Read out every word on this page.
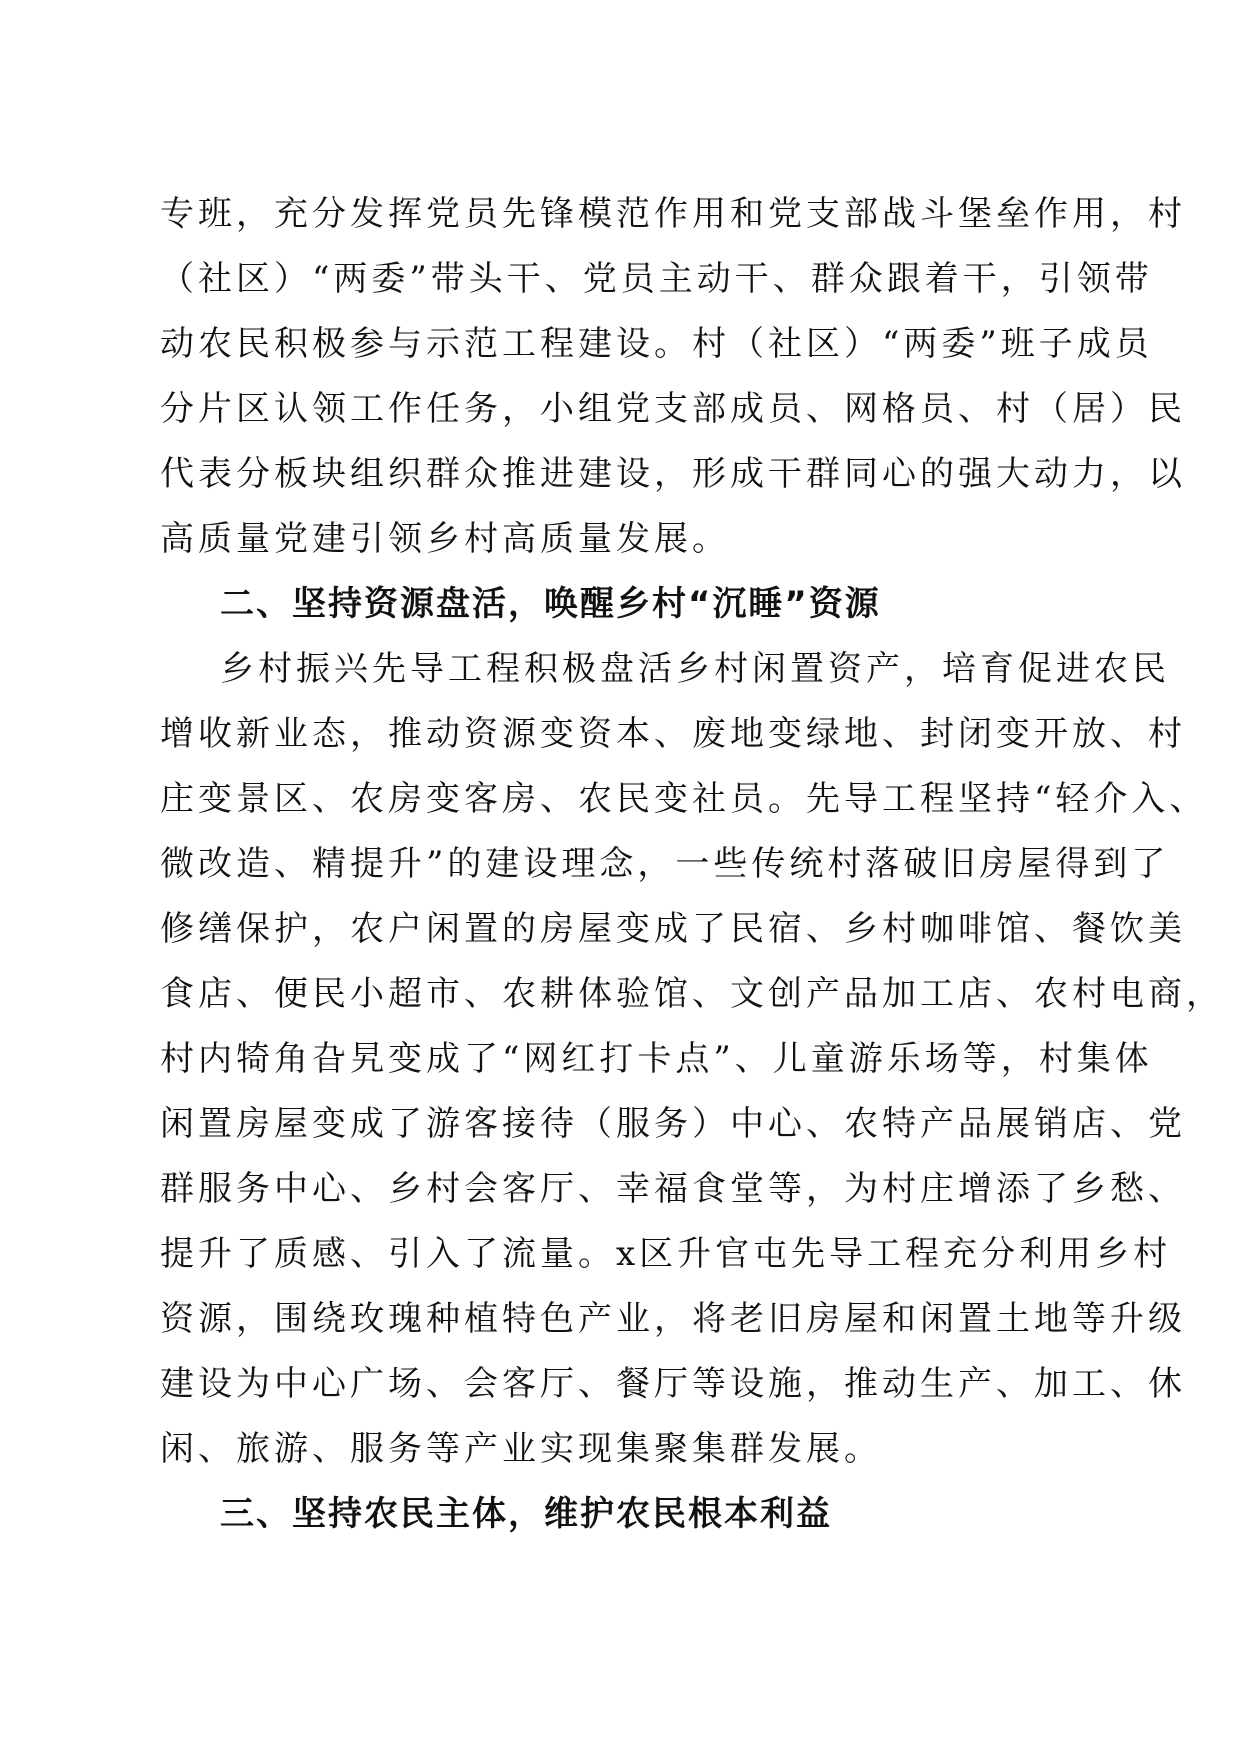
专班，充分发挥党员先锋模范作用和党支部战斗堡垒作用，村
（社区）“两委”带头干、党员主动干、群众跟着干，引领带
动农民积极参与示范工程建设。村（社区）“两委”班子成员
分片区认领工作任务，小组党支部成员、网格员、村（居）民
代表分板块组织群众推进建设，形成干群同心的强大动力，以
高质量党建引领乡村高质量发展。
二、坚持资源盘活，唤醒乡村“沉睡”资源
乡村振兴先导工程积极盘活乡村闲置资产，培育促进农民
增收新业态，推动资源变资本、废地变绿地、封闭变开放、村
庄变景区、农房变客房、农民变社员。先导工程坚持“轻介入、
微改造、精提升”的建设理念，一些传统村落破旧房屋得到了
修缮保护，农户闲置的房屋变成了民宿、乡村咖啡馆、餐饮美
食店、便民小超市、农耕体验馆、文创产品加工店、农村电商，
村内犄角旮旯变成了“网红打卡点”、儿童游乐场等，村集体
闲置房屋变成了游客接待（服务）中心、农特产品展销店、党
群服务中心、乡村会客厅、幸福食堂等，为村庄增添了乡愁、
提升了质感、引入了流量。x区升官屯先导工程充分利用乡村
资源，围绕玫瑰种植特色产业，将老旧房屋和闲置土地等升级
建设为中心广场、会客厅、餐厅等设施，推动生产、加工、休
闲、旅游、服务等产业实现集聚集群发展。
三、坚持农民主体，维护农民根本利益
